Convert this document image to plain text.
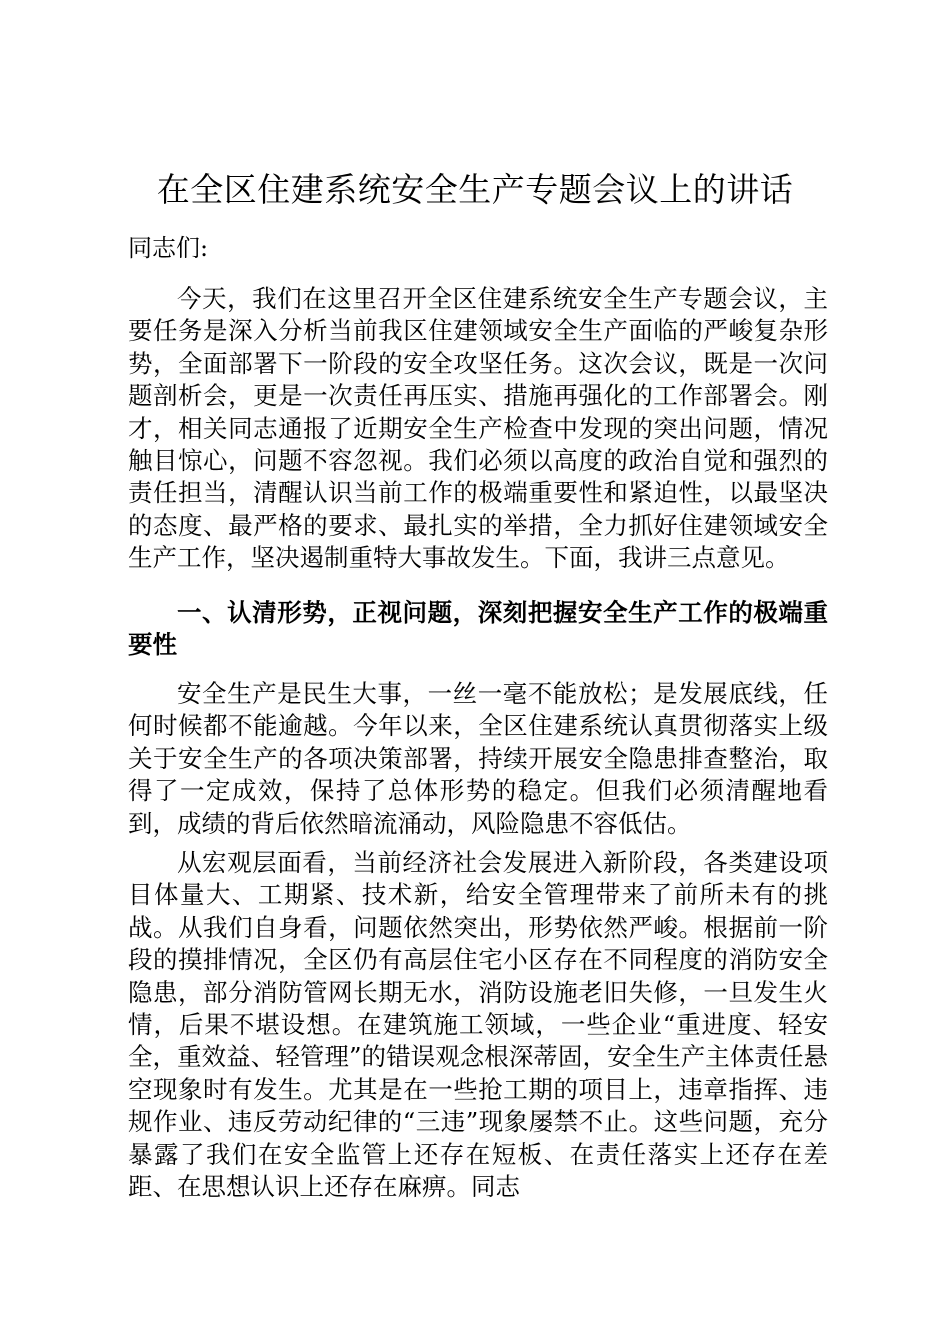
在全区住建系统安全生产专题会议上的讲话

同志们:

今天，我们在这里召开全区住建系统安全生产专题会议，主要任务是深入分析当前我区住建领域安全生产面临的严峻复杂形势，全面部署下一阶段的安全攻坚任务。这次会议，既是一次问题剖析会，更是一次责任再压实、措施再强化的工作部署会。刚才，相关同志通报了近期安全生产检查中发现的突出问题，情况触目惊心，问题不容忽视。我们必须以高度的政治自觉和强烈的责任担当，清醒认识当前工作的极端重要性和紧迫性，以最坚决的态度、最严格的要求、最扎实的举措，全力抓好住建领域安全生产工作，坚决遏制重特大事故发生。下面，我讲三点意见。

一、认清形势，正视问题，深刻把握安全生产工作的极端重要性

安全生产是民生大事，一丝一毫不能放松；是发展底线，任何时候都不能逾越。今年以来，全区住建系统认真贯彻落实上级关于安全生产的各项决策部署，持续开展安全隐患排查整治，取得了一定成效，保持了总体形势的稳定。但我们必须清醒地看到，成绩的背后依然暗流涌动，风险隐患不容低估。

从宏观层面看，当前经济社会发展进入新阶段，各类建设项目体量大、工期紧、技术新，给安全管理带来了前所未有的挑战。从我们自身看，问题依然突出，形势依然严峻。根据前一阶段的摸排情况，全区仍有高层住宅小区存在不同程度的消防安全隐患，部分消防管网长期无水，消防设施老旧失修，一旦发生火情，后果不堪设想。在建筑施工领域，一些企业“重进度、轻安全，重效益、轻管理”的错误观念根深蒂固，安全生产主体责任悬空现象时有发生。尤其是在一些抢工期的项目上，违章指挥、违规作业、违反劳动纪律的“三违”现象屡禁不止。这些问题，充分暴露了我们在安全监管上还存在短板、在责任落实上还存在差距、在思想认识上还存在麻痹。同志
